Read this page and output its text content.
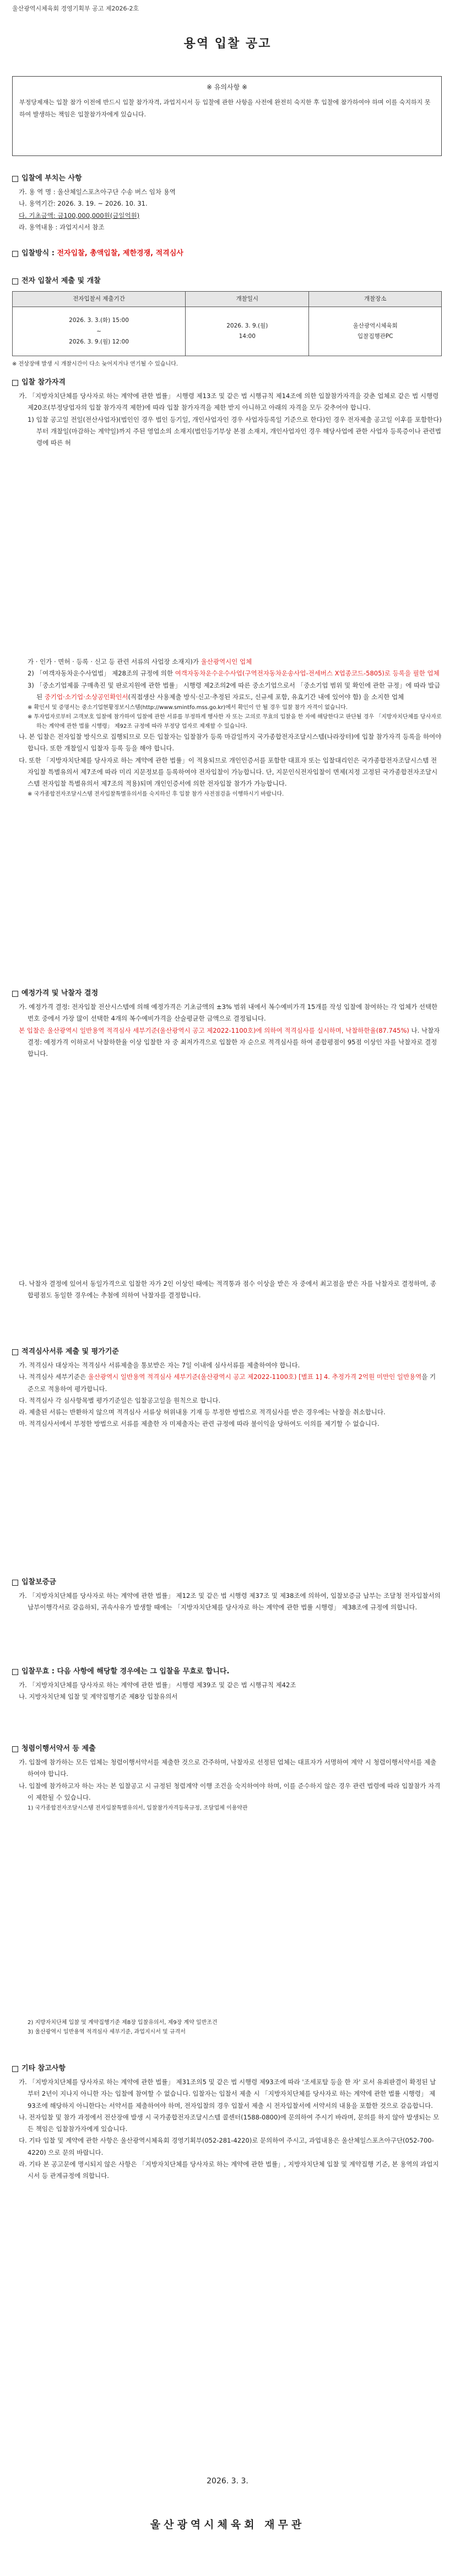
울산광역시체육회 경영기획부 공고 제2026-2호
용역 입찰 공고
※ 유의사항 ※
부정당제재는 입찰 참가 이전에 반드시 입찰 참가자격, 과업지시서 등 입찰에 관한 사항을 사전에 완전히 숙지한 후 입찰에 참가하여야 하며 이를 숙지하지 못하여 발생하는 책임은 입찰참가자에게 있습니다.
입찰에 부치는 사항
가. 용 역 명 : 울산체일스포츠아구단 수송 버스 임차 용역
나. 용역기간: 2026. 3. 19. ~ 2026. 10. 31.
다. 기초금액: 금100,000,000원(금일억원)
라. 용역내용 : 과업지시서 참조
입찰방식 :
전자입찰, 총액입찰, 제한경쟁, 적격심사
전자 입찰서 제출 및 개찰
전자입찰서 제출기간	개찰일시	개찰장소
2026. 3. 3.(화) 15:00
~
2026. 3. 9.(월) 12:00	2026. 3. 9.(월)
14:00	울산광역시체육회
입찰집행관PC
※ 전상장애 발생 시 개찰시간이 다소 늦어지거나 연기될 수 있습니다.
입찰 참가자격
가. 「지방자치단체를 당사자로 하는 계약에 관한 법률」 시행령 제13조 및 같은 법 시행규칙 제14조에 의한 입찰참가자격을 갖춘 업체로 같은 법 시행령 제20조(부정당업자의 입찰 참가자격 제한)에 따라 입찰 참가자격을 제한 받지 아니하고 아래의 자격을 모두 갖추어야 합니다.
1) 입찰 공고일 전일(전산사업자)(법인인 경우 법인 등기일, 개인사업자인 경우 사업자등록일 기준으로 한다)인 경우 전자제출 공고일 이후를 포함한다)부터 개찰일(마감하는 계약일)까지 주된 영업소의 소재지(법인등기부상 본점 소재지, 개인사업자인 경우 해당사업에 관한 사업자 등록증이나 관련법령에 따른 허
가 · 인가 · 면허 · 등록 · 신고 등 관련 서류의 사업장 소재지)가 울산광역시인 업체
2) 「여객자동차운수사업법」 제28조의 규정에 의한 여객자동차운수운수사업(구역전자동차운송사업-전세버스 X업종코드-5805)로 등록을 필한 업체
3) 「중소기업제품 구매촉진 및 판로지원에 관한 법률」 시행령 제2조의2에 따른 중소기업으로서 「중소기업 범위 및 확인에 관한 규정」에 따라 발급된 중기업·소기업·소상공인확인서(직접생산 사용제출 방식·신고·추정된 자료도, 신규세 포함, 유효기간 내에 있어야 함) 을 소지한 업체
※ 확인서 및 증명서는 중소기업현황정보시스템(http://www.smintfo.mss.go.kr)에서 확인이 안 될 경우 입찰 참가 자격이 없습니다.
※ 투자업자로부터 고객보호 입찰에 참가하여 입찰에 관한 서류를 부정하게 행사한 자 또는 고의로 무효의 입찰을 한 자에 해당한다고 판단될 경우 「지방자치단체를 당사자로 하는 계약에 관한 법률 시행령」 제92조 규정에 따라 부정당 업자로 제재할 수 있습니다.
나. 본 입찰은 전자입찰 방식으로 집행되므로 모든 입찰자는 입찰참가 등록 마감일까지 국가종합전자조달시스템(나라장터)에 입찰 참가자격 등록을 하여야 합니다. 또한 개찰일시 입찰자 등록 등을 해야 합니다.
다. 또한 「지방자치단체를 당사자로 하는 계약에 관한 법률」이 적용되므로 개인인증서를 포함한 대표자 또는 입찰대리인은 국가종합전자조달시스템 전자입찰 특별유의서 제7조에 따라 미리 지문정보를 등록하여야 전자입찰이 가능합니다. 단, 지문인식전자입찰이 면제(지정 고정된 국가종합전자조달시스템 전자입찰 특별유의서 제7조의 적용)되며 개인인증서에 의한 전자입찰 참가가 가능합니다.
※ 국가종합전자조달시스템 전자입찰특별유의서를 숙지하신 후 입찰 참가 사전점검을 이행하시기 바랍니다.
예정가격 및 낙찰자 결정
가. 예정가격 결정: 전자입찰 전산시스템에 의해 예정가격은 기초금액의 ±3% 범위 내에서 복수예비가격 15개를 작성 입찰에 참여하는 각 업체가 선택한 번호 중에서 가장 많이 선택한 4개의 복수예비가격을 산술평균한 금액으로 결정됩니다.
본 입찰은 울산광역시 일반용역 적격심사 세부기준(울산광역시 공고 제2022-1100호)에 의하여 적격심사를 실시하며, 낙찰하한율(87.745%) 나. 낙찰자 결정: 예정가격 이하로서 낙찰하한율 이상 입찰한 자 중 최저가격으로 입찰한 자 순으로 적격심사를 하여 종합평점이 95점 이상인 자를 낙찰자로 결정합니다.
다. 낙찰자 결정에 있어서 동일가격으로 입찰한 자가 2인 이상인 때에는 적격통과 점수 이상을 받은 자 중에서 최고점을 받은 자를 낙찰자로 결정하며, 종합평점도 동일한 경우에는 추첨에 의하여 낙찰자를 결정합니다.
적격심사서류 제출 및 평가기준
가. 적격심사 대상자는 적격심사 서류제출을 통보받은 자는 7일 이내에 심사서류를 제출하여야 합니다.
나. 적격심사 세부기준은 울산광역시 일반용역 적격심사 세부기준(울산광역시 공고 제2022-1100호) [별표 1] 4. 추정가격 2억원 미만인 일반용역을 기준으로 적용하여 평가합니다.
다. 적격심사 각 심사항목별 평가기준일은 입찰공고일을 원칙으로 합니다.
라. 제출된 서류는 반환하지 않으며 적격심사 서류상 허위내용 기재 등 부정한 방법으로 적격심사를 받은 경우에는 낙찰을 취소합니다.
마. 적격심사서에서 부정한 방법으로 서류를 제출한 자 미제출자는 관련 규정에 따라 불이익을 당하여도 이의를 제기할 수 없습니다.
입찰보증금
가. 「지방자치단체를 당사자로 하는 계약에 관한 법률」 제12조 및 같은 법 시행령 제37조 및 제38조에 의하여, 입찰보증금 납부는 조달청 전자입찰서의 납부이행각서로 갈음하되, 귀속사유가 발생할 때에는 「지방자치단체를 당사자로 하는 계약에 관한 법률 시행령」 제38조에 규정에 의합니다.
입찰무효 : 다음 사항에 해당할 경우에는 그 입찰을 무효로 합니다.
가. 「지방자치단체를 당사자로 하는 계약에 관한 법률」 시행령 제39조 및 같은 법 시행규칙 제42조
나. 지방자치단체 입찰 및 계약집행기준 제8장 입찰유의서
청렴이행서약서 등 제출
가. 입찰에 참가하는 모든 업체는 청렴이행서약서를 제출한 것으로 간주하며, 낙찰자로 선정된 업체는 대표자가 서명하여 계약 시 청렴이행서약서를 제출하여야 합니다.
나. 입찰에 참가하고자 하는 자는 본 입찰공고 시 규정된 청렴계약 이행 조건을 숙지하여야 하며, 이를 준수하지 않은 경우 관련 법령에 따라 입찰참가 자격이 제한될 수 있습니다.
1) 국가종합전자조달시스템 전자입찰특별유의서, 입찰참가자격등록규정, 조달업체 이용약관
2) 지방자치단체 입찰 및 계약집행기준 제8장 입찰유의서, 제9장 계약 일반조건
3) 울산광역시 일반용역 적격심사 세부기준, 과업지시서 및 규격서
기타 참고사항
가. 「지방자치단체를 당사자로 하는 계약에 관한 법률」 제31조의5 및 같은 법 시행령 제93조에 따라 '조세포탈 등을 한 자' 로서 유죄판결이 확정된 날부터 2년이 지나지 아니한 자는 입찰에 참여할 수 없습니다. 입찰자는 입찰서 제출 시 「지방자치단체를 당사자로 하는 계약에 관한 법률 시행령」 제93조에 해당하지 아니한다는 서약서를 제출하여야 하며, 전자입찰의 경우 입찰서 제출 시 전자입찰서에 서약서의 내용을 포함한 것으로 갈음합니다.
나. 전자입찰 및 참가 과정에서 전산장애 발생 시 국가종합전자조달시스템 콜센터(1588-0800)에 문의하여 주시기 바라며, 문의를 하지 않아 발생되는 모든 책임은 입찰참가자에게 있습니다.
다. 기타 입찰 및 계약에 관한 사항은 울산광역시체육회 경영기획부(052-281-4220)로 문의하여 주시고, 과업내용은 울산체일스포츠아구단(052-700-4220) 으로 문의 바랍니다.
라. 기타 본 공고문에 명시되지 않은 사항은 「지방자치단체를 당사자로 하는 계약에 관한 법률」, 지방자치단체 입찰 및 계약집행 기준, 본 용역의 과업지시서 등 관계규정에 의합니다.
2026. 3. 3.
울산광역시체육회 재무관
